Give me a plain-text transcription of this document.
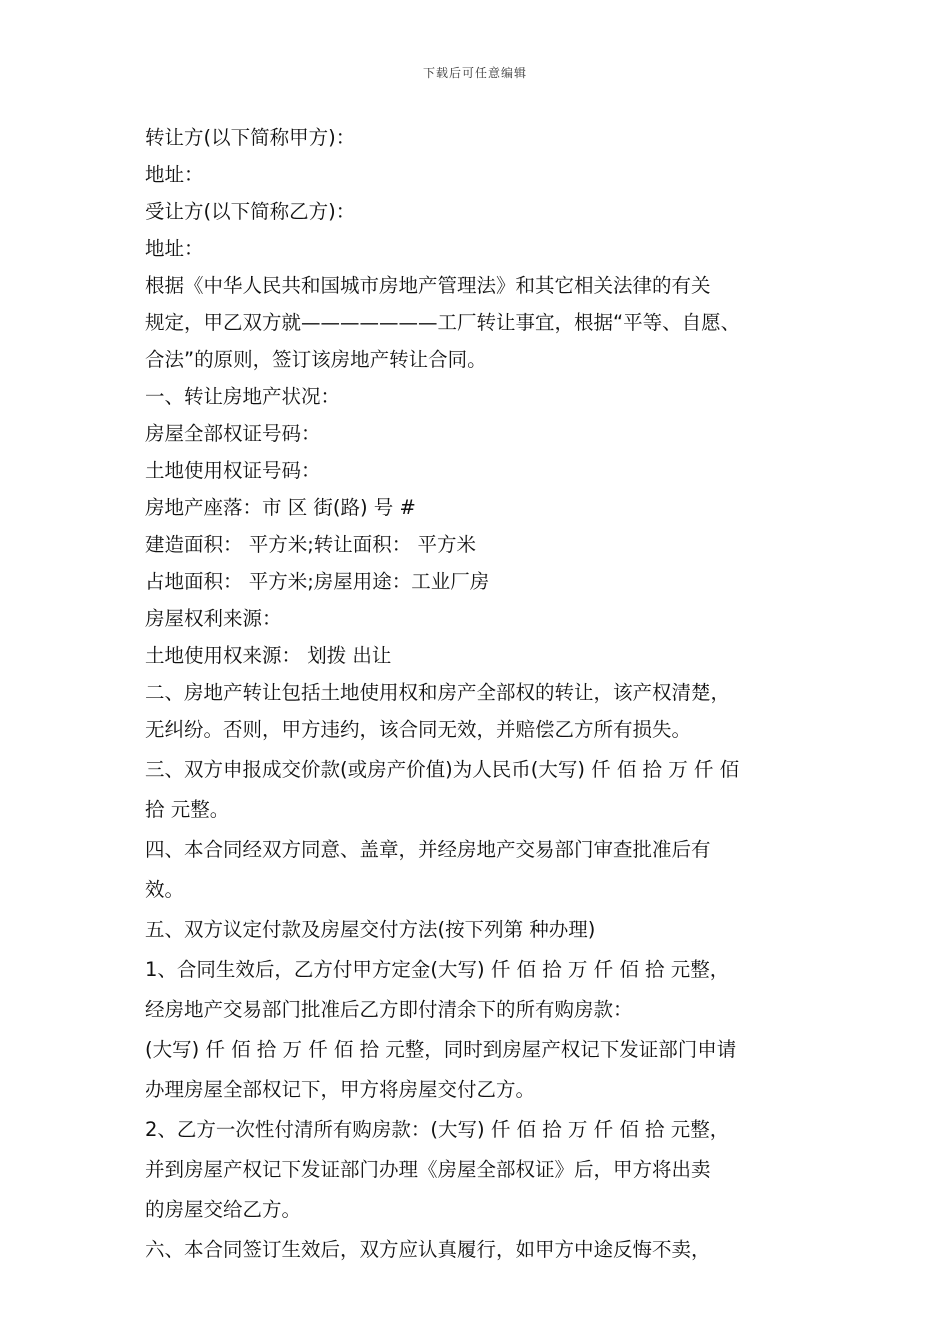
下载后可任意编辑
转让方(以下简称甲方)：
地址：
受让方(以下简称乙方)：
地址：
根据《中华人民共和国城市房地产管理法》和其它相关法律的有关
规定，甲乙双方就———————工厂转让事宜，根据“平等、自愿、
合法”的原则，签订该房地产转让合同。
一、转让房地产状况：
房屋全部权证号码：
土地使用权证号码：
房地产座落：市 区 街(路) 号 #
建造面积： 平方米;转让面积： 平方米
占地面积： 平方米;房屋用途：工业厂房
房屋权利来源：
土地使用权来源： 划拨 出让
二、房地产转让包括土地使用权和房产全部权的转让，该产权清楚，
无纠纷。否则，甲方违约，该合同无效，并赔偿乙方所有损失。
三、双方申报成交价款(或房产价值)为人民币(大写) 仟 佰 拾 万 仟 佰
拾 元整。
四、本合同经双方同意、盖章，并经房地产交易部门审查批准后有
效。
五、双方议定付款及房屋交付方法(按下列第 种办理)
1、合同生效后，乙方付甲方定金(大写) 仟 佰 拾 万 仟 佰 拾 元整，
经房地产交易部门批准后乙方即付清余下的所有购房款：
(大写) 仟 佰 拾 万 仟 佰 拾 元整，同时到房屋产权记下发证部门申请
办理房屋全部权记下，甲方将房屋交付乙方。
2、乙方一次性付清所有购房款：(大写) 仟 佰 拾 万 仟 佰 拾 元整，
并到房屋产权记下发证部门办理《房屋全部权证》后，甲方将出卖
的房屋交给乙方。
六、本合同签订生效后，双方应认真履行，如甲方中途反悔不卖，
